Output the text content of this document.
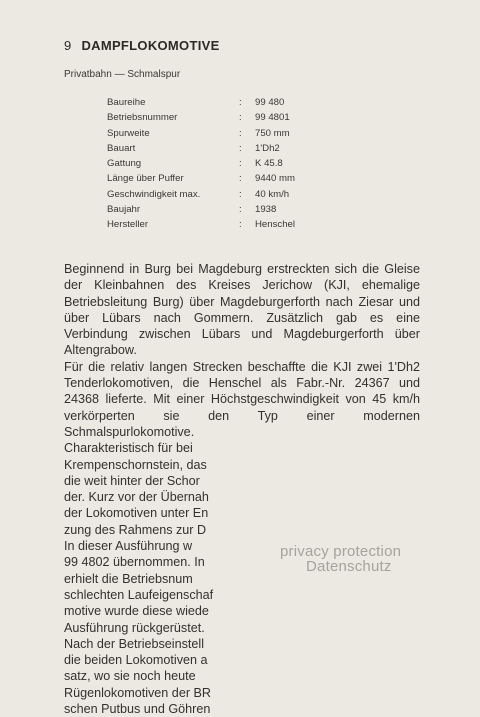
9 DAMPFLOKOMOTIVE
Privatbahn — Schmalspur
Baureihe	: 99 480
Betriebsnummer	: 99 4801
Spurweite	: 750 mm
Bauart	: 1'Dh2
Gattung	: K 45.8
Länge über Puffer	: 9440 mm
Geschwindigkeit max.	: 40 km/h
Baujahr	: 1938
Hersteller	: Henschel

Beginnend in Burg bei Magdeburg erstreckten sich die Gleise der Kleinbahnen des Kreises Jerichow (KJI, ehemalige Betriebsleitung Burg) über Magdeburgerforth nach Ziesar und über Lübars nach Gommern. Zusätzlich gab es eine Verbindung zwischen Lübars und Magdeburgerforth über Altengrabow.

Für die relativ langen Strecken beschaffte die KJI zwei 1'Dh2 Tenderlokomotiven, die Henschel als Fabr.-Nr. 24367 und 24368 lieferte. Mit einer Höchstgeschwindigkeit von 45 km/h verkörperten sie den Typ einer modernen Schmalspurlokomotive.

Charakteristisch für bei

Krempenschornstein, das

die weit hinter der Schor

der. Kurz vor der Übernah

der Lokomotiven unter En

zung des Rahmens zur D

In dieser Ausführung w

99 4802 übernommen. In

erhielt die Betriebsnum

schlechten Laufeigenschaf

motive wurde diese wiede

Ausführung rückgerüstet.

Nach der Betriebseinstell

die beiden Lokomotiven a

satz, wo sie noch heute

Rügenlokomotiven der BR

schen Putbus und Göhren

privacy protection
Datenschutz
